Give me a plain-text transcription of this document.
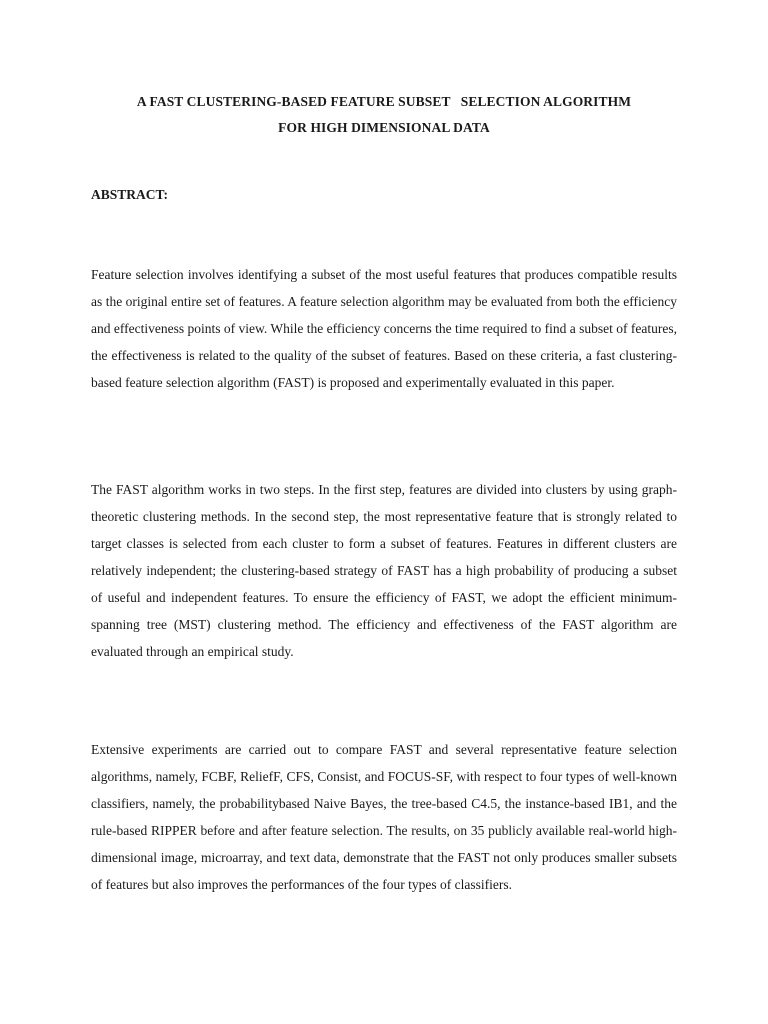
A FAST CLUSTERING-BASED FEATURE SUBSET   SELECTION ALGORITHM
FOR HIGH DIMENSIONAL DATA
ABSTRACT:

Feature selection involves identifying a subset of the most useful features that produces compatible results as the original entire set of features. A feature selection algorithm may be evaluated from both the efficiency and effectiveness points of view. While the efficiency concerns the time required to find a subset of features, the effectiveness is related to the quality of the subset of features. Based on these criteria, a fast clustering-based feature selection algorithm (FAST) is proposed and experimentally evaluated in this paper.

The FAST algorithm works in two steps. In the first step, features are divided into clusters by using graph-theoretic clustering methods. In the second step, the most representative feature that is strongly related to target classes is selected from each cluster to form a subset of features. Features in different clusters are relatively independent; the clustering-based strategy of FAST has a high probability of producing a subset of useful and independent features. To ensure the efficiency of FAST, we adopt the efficient minimum-spanning tree (MST) clustering method. The efficiency and effectiveness of the FAST algorithm are evaluated through an empirical study.

Extensive experiments are carried out to compare FAST and several representative feature selection algorithms, namely, FCBF, ReliefF, CFS, Consist, and FOCUS-SF, with respect to four types of well-known classifiers, namely, the probabilitybased Naive Bayes, the tree-based C4.5, the instance-based IB1, and the rule-based RIPPER before and after feature selection. The results, on 35 publicly available real-world high-dimensional image, microarray, and text data, demonstrate that the FAST not only produces smaller subsets of features but also improves the performances of the four types of classifiers.
